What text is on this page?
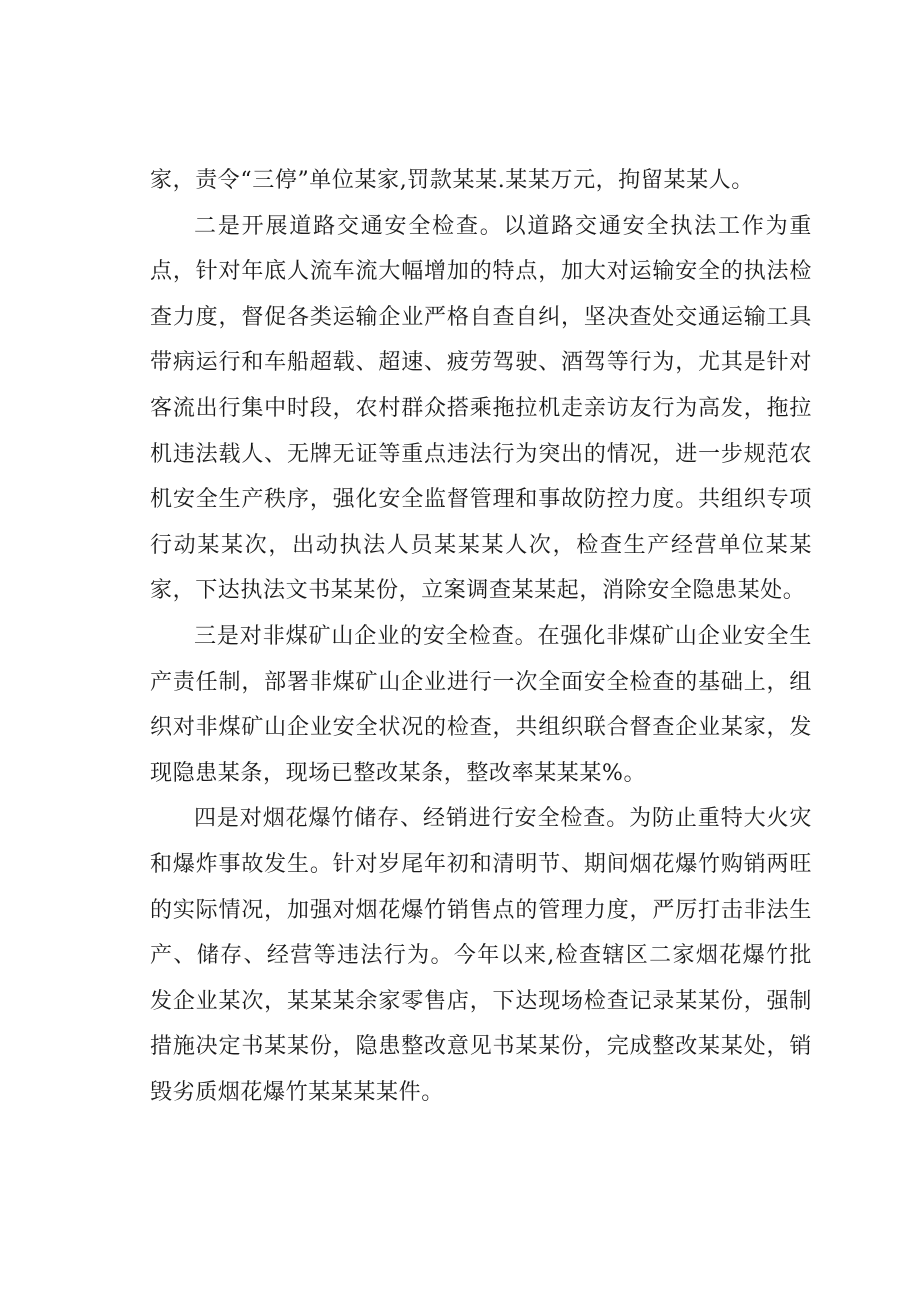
家，责令“三停”单位某家,罚款某某.某某万元，拘留某某人。

二是开展道路交通安全检查。以道路交通安全执法工作为重点，针对年底人流车流大幅增加的特点，加大对运输安全的执法检查力度，督促各类运输企业严格自查自纠，坚决查处交通运输工具带病运行和车船超载、超速、疲劳驾驶、酒驾等行为，尤其是针对客流出行集中时段，农村群众搭乘拖拉机走亲访友行为高发，拖拉机违法载人、无牌无证等重点违法行为突出的情况，进一步规范农机安全生产秩序，强化安全监督管理和事故防控力度。共组织专项行动某某次，出动执法人员某某某人次，检查生产经营单位某某家，下达执法文书某某份，立案调查某某起，消除安全隐患某处。

三是对非煤矿山企业的安全检查。在强化非煤矿山企业安全生产责任制，部署非煤矿山企业进行一次全面安全检查的基础上，组织对非煤矿山企业安全状况的检查，共组织联合督查企业某家，发现隐患某条，现场已整改某条，整改率某某某%。

四是对烟花爆竹储存、经销进行安全检查。为防止重特大火灾和爆炸事故发生。针对岁尾年初和清明节、期间烟花爆竹购销两旺的实际情况，加强对烟花爆竹销售点的管理力度，严厉打击非法生产、储存、经营等违法行为。今年以来,检查辖区二家烟花爆竹批发企业某次，某某某余家零售店，下达现场检查记录某某份，强制措施决定书某某份，隐患整改意见书某某份，完成整改某某处，销毁劣质烟花爆竹某某某某件。
